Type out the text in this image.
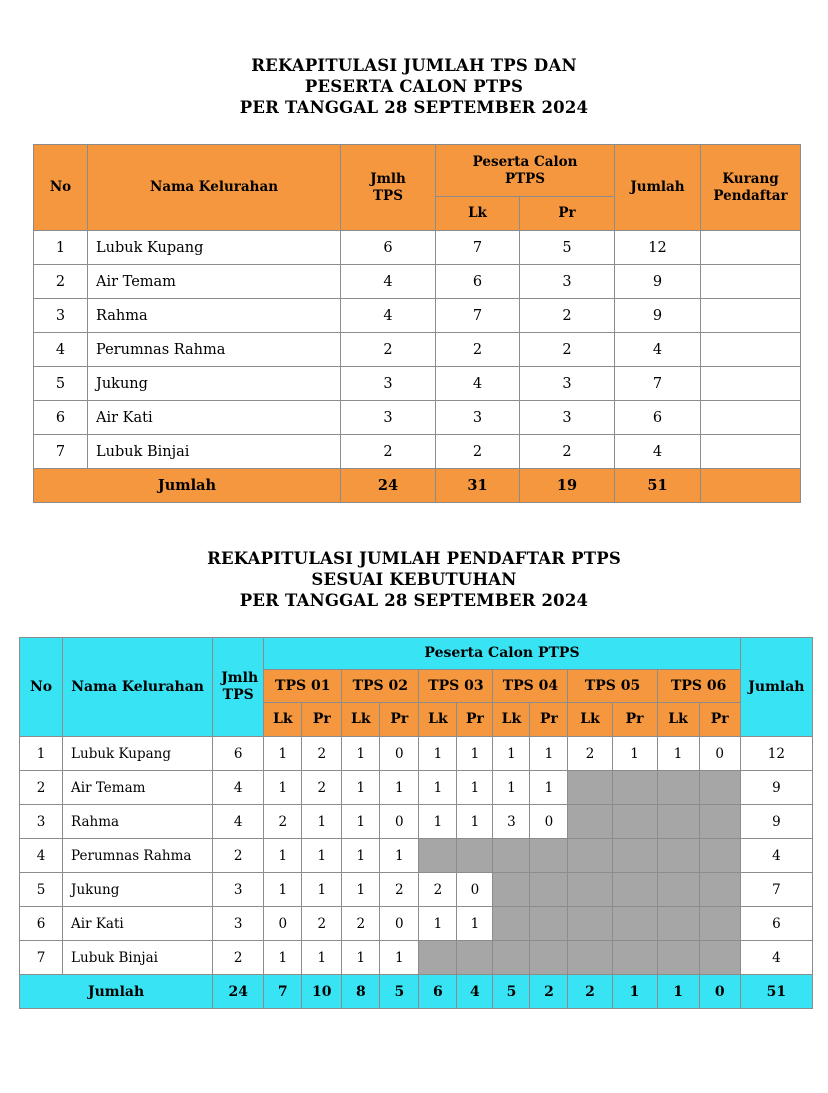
REKAPITULASI JUMLAH TPS DAN
PESERTA CALON PTPS
PER TANGGAL 28 SEPTEMBER 2024
No	Nama Kelurahan	Jmlh TPS	Peserta Calon PTPS		Jumlah	Kurang Pendaftar
			Lk	Pr		
1	Lubuk Kupang	6	7	5	12	
2	Air Temam	4	6	3	9	
3	Rahma	4	7	2	9	
4	Perumnas Rahma	2	2	2	4	
5	Jukung	3	4	3	7	
6	Air Kati	3	3	3	6	
7	Lubuk Binjai	2	2	2	4	
Jumlah		24	31	19	51	
REKAPITULASI JUMLAH PENDAFTAR PTPS
SESUAI KEBUTUHAN
PER TANGGAL 28 SEPTEMBER 2024
No	Nama Kelurahan	Jmlh TPS	Peserta Calon PTPS												Jumlah
			TPS 01		TPS 02		TPS 03		TPS 04		TPS 05		TPS 06		
			Lk	Pr	Lk	Pr	Lk	Pr	Lk	Pr	Lk	Pr	Lk	Pr	
1	Lubuk Kupang	6	1	2	1	0	1	1	1	1	2	1	1	0	12
2	Air Temam	4	1	2	1	1	1	1	1	1					9
3	Rahma	4	2	1	1	0	1	1	3	0					9
4	Perumnas Rahma	2	1	1	1	1									4
5	Jukung	3	1	1	1	2	2	0							7
6	Air Kati	3	0	2	2	0	1	1							6
7	Lubuk Binjai	2	1	1	1	1									4
Jumlah		24	7	10	8	5	6	4	5	2	2	1	1	0	51
